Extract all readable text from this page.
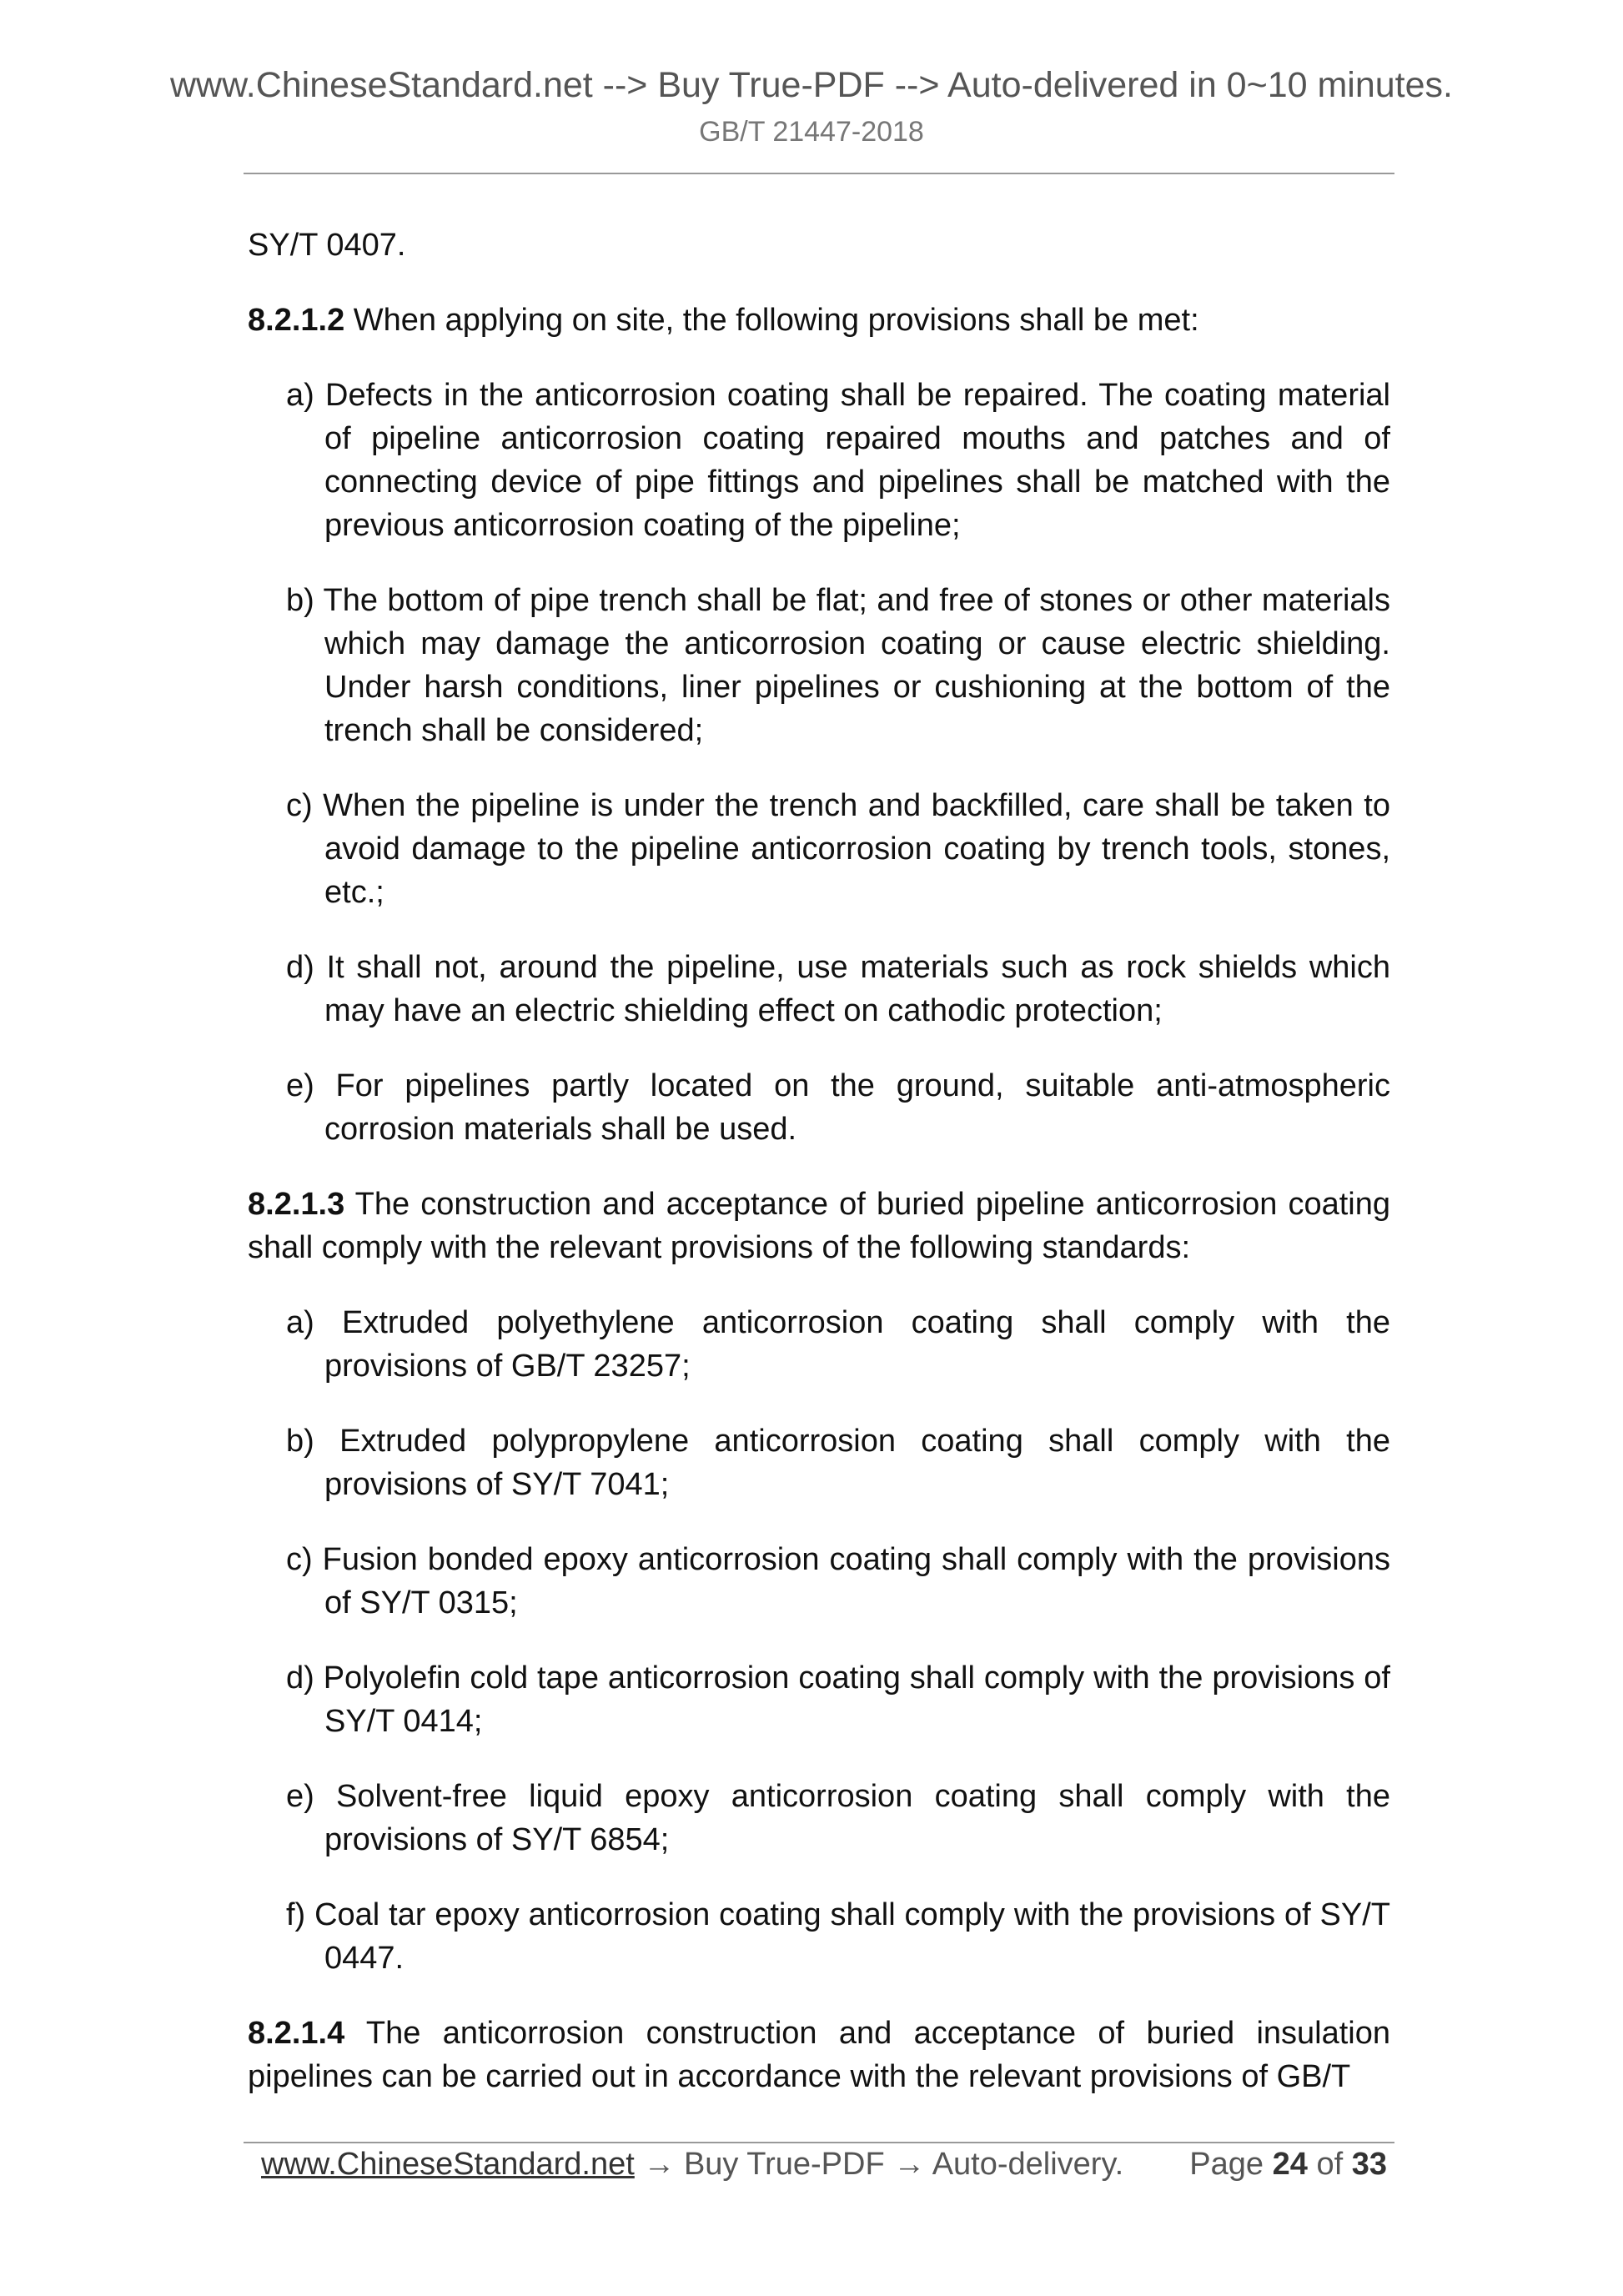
www.ChineseStandard.net --> Buy True-PDF --> Auto-delivered in 0~10 minutes.
GB/T 21447-2018

SY/T 0407.

8.2.1.2 When applying on site, the following provisions shall be met:

a) Defects in the anticorrosion coating shall be repaired. The coating material of pipeline anticorrosion coating repaired mouths and patches and of connecting device of pipe fittings and pipelines shall be matched with the previous anticorrosion coating of the pipeline;

b) The bottom of pipe trench shall be flat; and free of stones or other materials which may damage the anticorrosion coating or cause electric shielding. Under harsh conditions, liner pipelines or cushioning at the bottom of the trench shall be considered;

c) When the pipeline is under the trench and backfilled, care shall be taken to avoid damage to the pipeline anticorrosion coating by trench tools, stones, etc.;

d) It shall not, around the pipeline, use materials such as rock shields which may have an electric shielding effect on cathodic protection;

e) For pipelines partly located on the ground, suitable anti-atmospheric corrosion materials shall be used.

8.2.1.3 The construction and acceptance of buried pipeline anticorrosion coating shall comply with the relevant provisions of the following standards:

a) Extruded polyethylene anticorrosion coating shall comply with the provisions of GB/T 23257;

b) Extruded polypropylene anticorrosion coating shall comply with the provisions of SY/T 7041;

c) Fusion bonded epoxy anticorrosion coating shall comply with the provisions of SY/T 0315;

d) Polyolefin cold tape anticorrosion coating shall comply with the provisions of SY/T 0414;

e) Solvent-free liquid epoxy anticorrosion coating shall comply with the provisions of SY/T 6854;

f) Coal tar epoxy anticorrosion coating shall comply with the provisions of SY/T 0447.

8.2.1.4 The anticorrosion construction and acceptance of buried insulation pipelines can be carried out in accordance with the relevant provisions of GB/T

www.ChineseStandard.net → Buy True-PDF → Auto-delivery. Page 24 of 33
